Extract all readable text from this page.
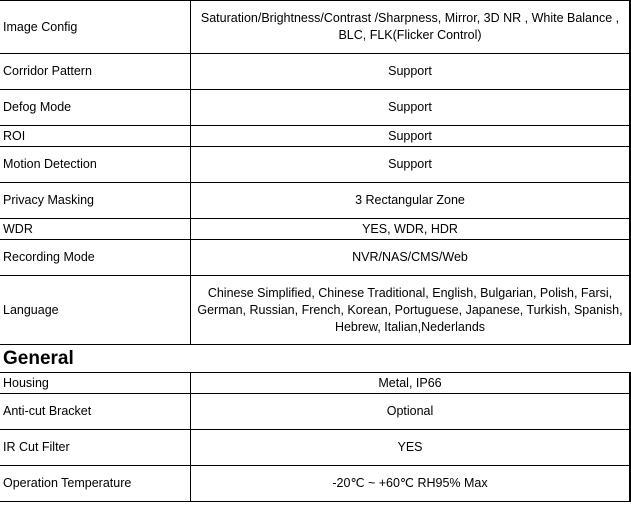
Image Config	Saturation/Brightness/Contrast /Sharpness, Mirror, 3D NR , White Balance , BLC, FLK(Flicker Control)
Corridor Pattern	Support
Defog Mode	Support
ROI	Support
Motion Detection	Support
Privacy Masking	3 Rectangular Zone
WDR	YES, WDR, HDR
Recording Mode	NVR/NAS/CMS/Web
Language	Chinese Simplified, Chinese Traditional, English, Bulgarian, Polish, Farsi, German, Russian, French, Korean, Portuguese, Japanese, Turkish, Spanish, Hebrew, Italian,Nederlands
General	
Housing	Metal, IP66
Anti-cut Bracket	Optional
IR Cut Filter	YES
Operation Temperature	-20℃ ~ +60℃ RH95% Max
